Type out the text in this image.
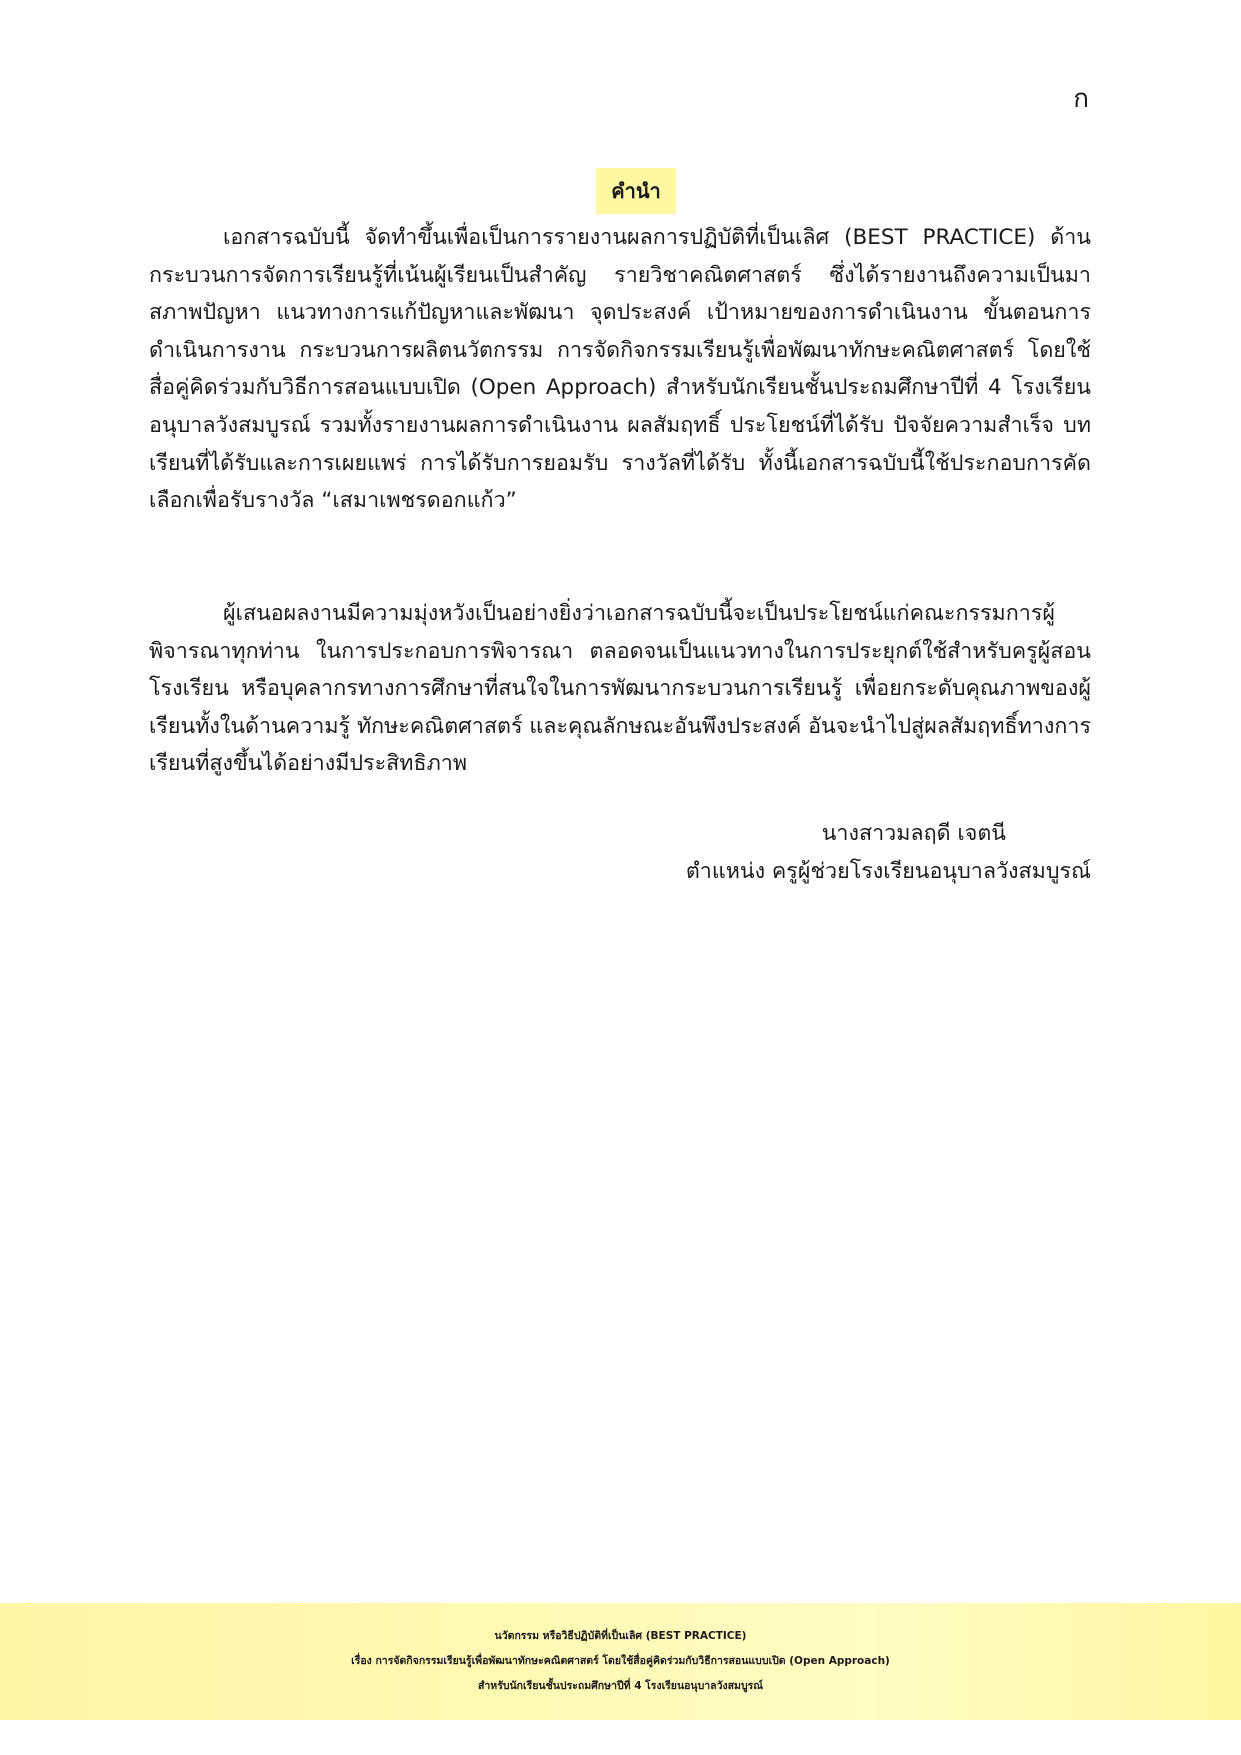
ก
คำนำ
เอกสารฉบับนี้ จัดทำขึ้นเพื่อเป็นการรายงานผลการปฏิบัติที่เป็นเลิศ (BEST PRACTICE) ด้านกระบวนการจัดการเรียนรู้ที่เน้นผู้เรียนเป็นสำคัญ รายวิชาคณิตศาสตร์ ซึ่งได้รายงานถึงความเป็นมา สภาพปัญหา แนวทางการแก้ปัญหาและพัฒนา จุดประสงค์ เป้าหมายของการดำเนินงาน ขั้นตอนการดำเนินการงาน กระบวนการผลิตนวัตกรรม การจัดกิจกรรมเรียนรู้เพื่อพัฒนาทักษะคณิตศาสตร์ โดยใช้สื่อคู่คิดร่วมกับวิธีการสอนแบบเปิด (Open Approach) สำหรับนักเรียนชั้นประถมศึกษาปีที่ 4 โรงเรียนอนุบาลวังสมบูรณ์ รวมทั้งรายงานผลการดำเนินงาน ผลสัมฤทธิ์ ประโยชน์ที่ได้รับ ปัจจัยความสำเร็จ บทเรียนที่ได้รับและการเผยแพร่ การได้รับการยอมรับ รางวัลที่ได้รับ ทั้งนี้เอกสารฉบับนี้ใช้ประกอบการคัดเลือกเพื่อรับรางวัล “เสมาเพชรดอกแก้ว”
ผู้เสนอผลงานมีความมุ่งหวังเป็นอย่างยิ่งว่าเอกสารฉบับนี้จะเป็นประโยชน์แก่คณะกรรมการผู้พิจารณาทุกท่าน ในการประกอบการพิจารณา ตลอดจนเป็นแนวทางในการประยุกต์ใช้สำหรับครูผู้สอนโรงเรียน หรือบุคลากรทางการศึกษาที่สนใจในการพัฒนากระบวนการเรียนรู้ เพื่อยกระดับคุณภาพของผู้เรียนทั้งในด้านความรู้ ทักษะคณิตศาสตร์ และคุณลักษณะอันพึงประสงค์ อันจะนำไปสู่ผลสัมฤทธิ์ทางการเรียนที่สูงขึ้นได้อย่างมีประสิทธิภาพ
นางสาวมลฤดี เจตนี
ตำแหน่ง ครูผู้ช่วยโรงเรียนอนุบาลวังสมบูรณ์
นวัตกรรม หรือวิธีปฏิบัติที่เป็นเลิศ (BEST PRACTICE)
เรื่อง การจัดกิจกรรมเรียนรู้เพื่อพัฒนาทักษะคณิตศาสตร์ โดยใช้สื่อคู่คิดร่วมกับวิธีการสอนแบบเปิด (Open Approach)
สำหรับนักเรียนชั้นประถมศึกษาปีที่ 4 โรงเรียนอนุบาลวังสมบูรณ์
